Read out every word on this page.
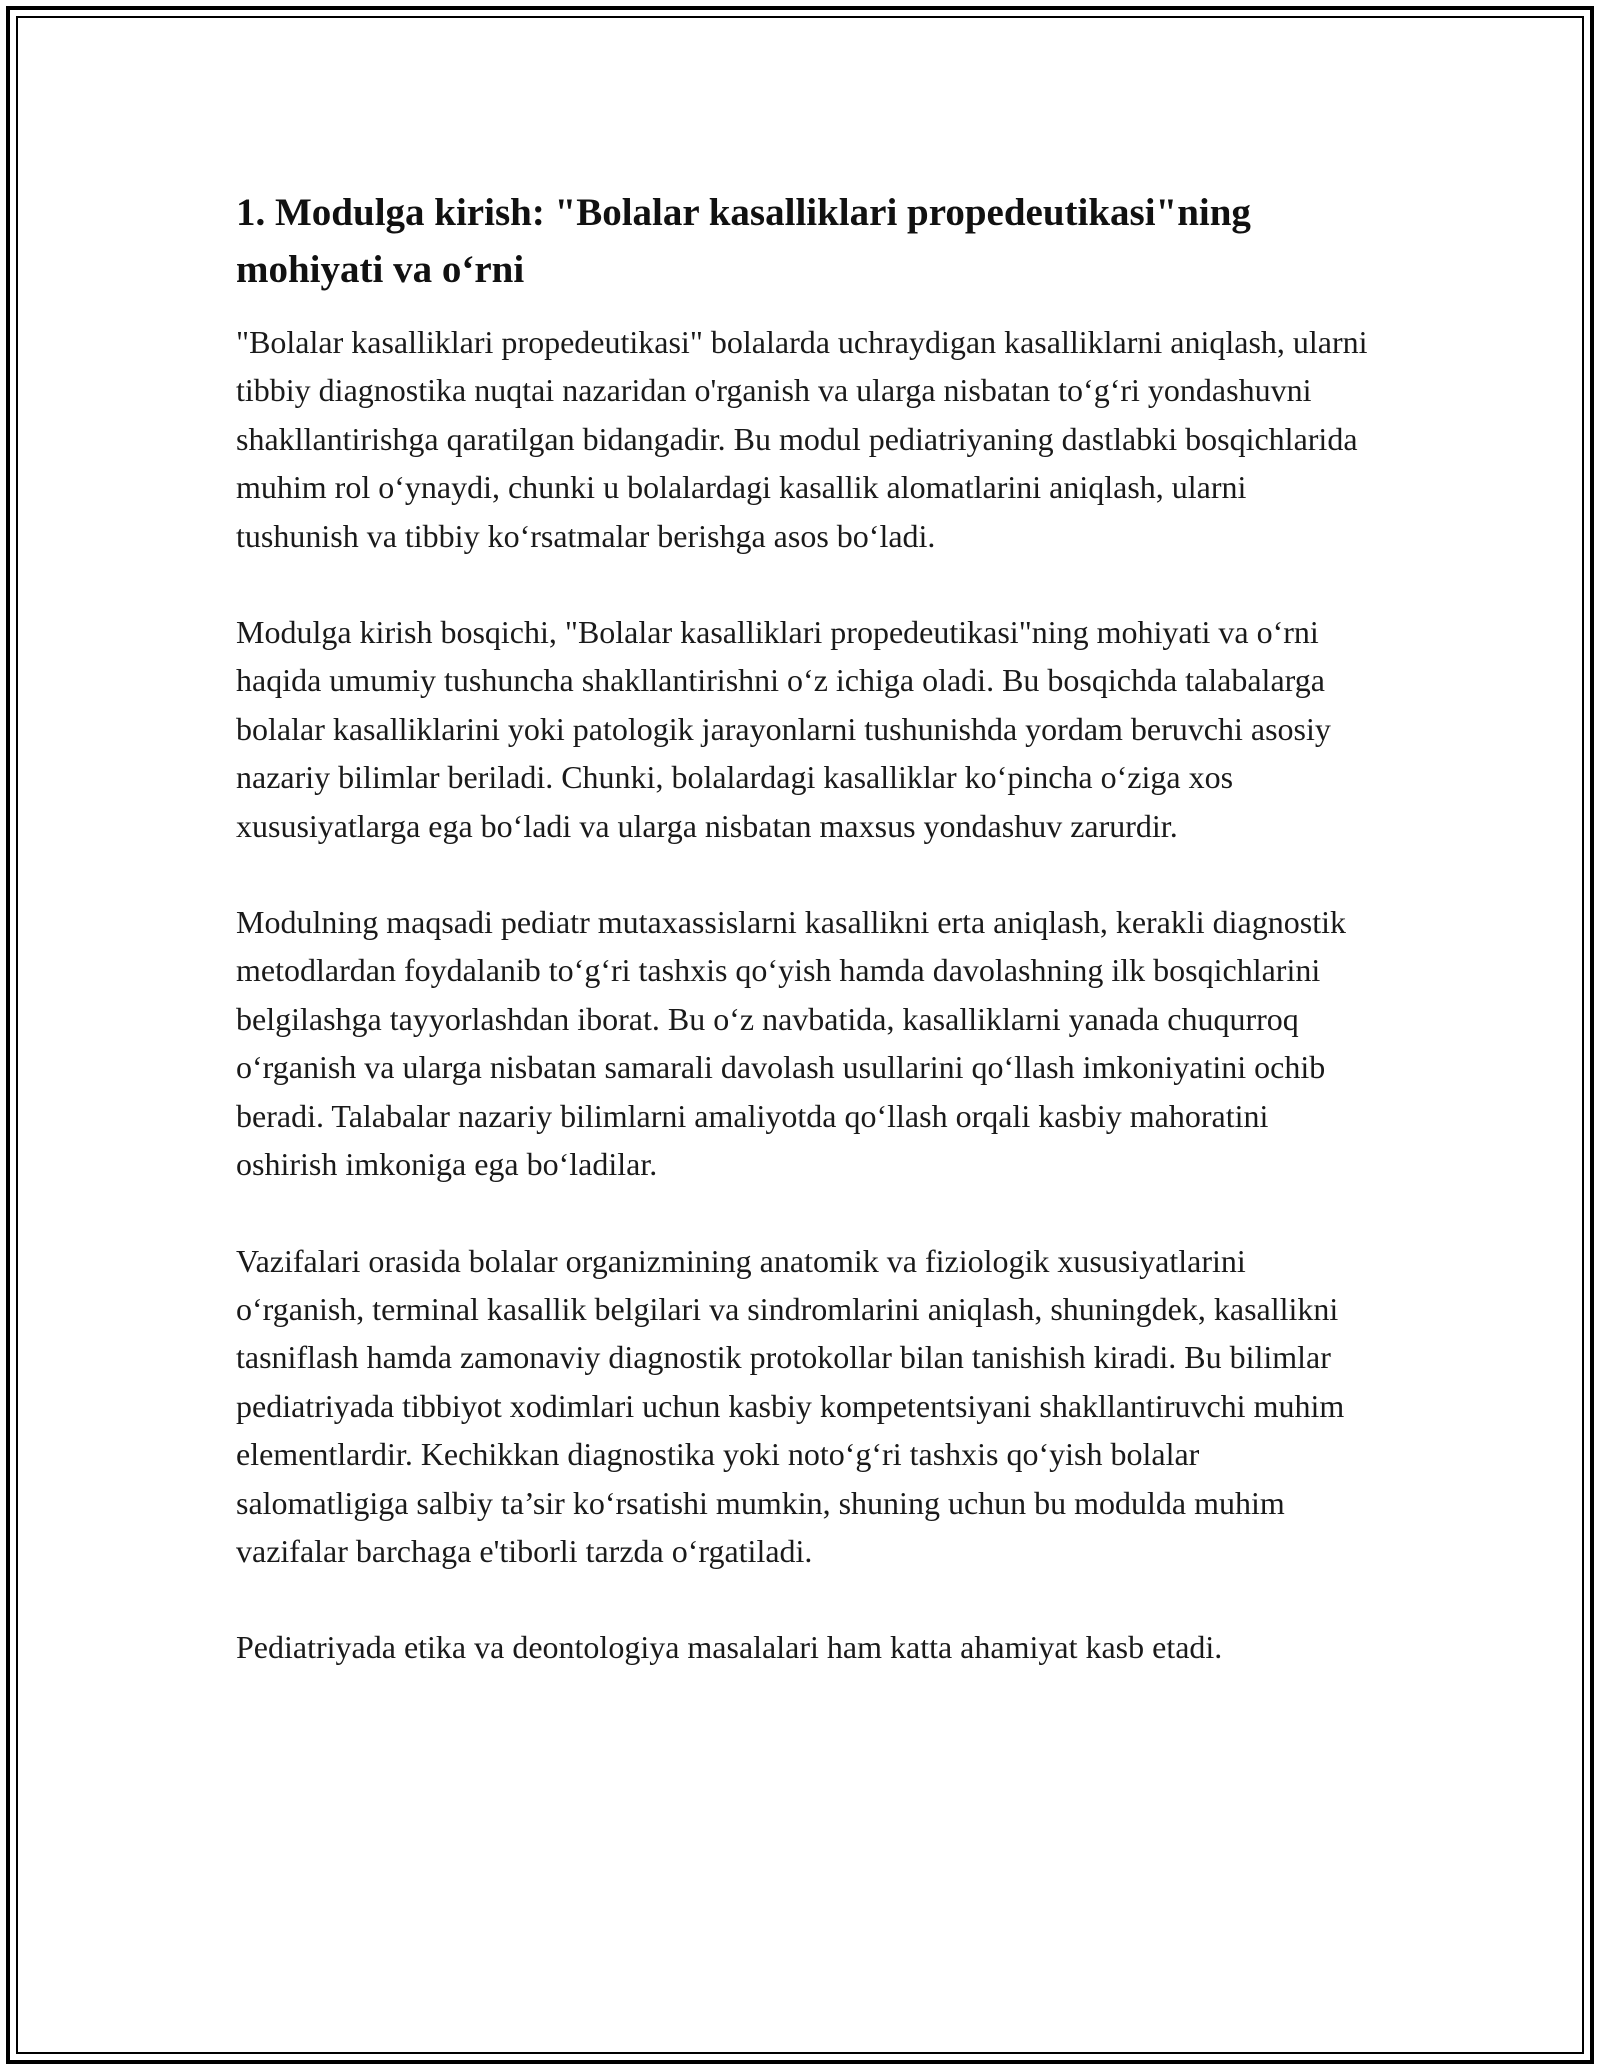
1. Modulga kirish: "Bolalar kasalliklari propedeutikasi"ning mohiyati va o‘rni

"Bolalar kasalliklari propedeutikasi" bolalarda uchraydigan kasalliklarni aniqlash, ularni tibbiy diagnostika nuqtai nazaridan o'rganish va ularga nisbatan to‘g‘ri yondashuvni shakllantirishga qaratilgan bidangadir. Bu modul pediatriyaning dastlabki bosqichlarida muhim rol o‘ynaydi, chunki u bolalardagi kasallik alomatlarini aniqlash, ularni tushunish va tibbiy ko‘rsatmalar berishga asos bo‘ladi.

Modulga kirish bosqichi, "Bolalar kasalliklari propedeutikasi"ning mohiyati va o‘rni haqida umumiy tushuncha shakllantirishni o‘z ichiga oladi. Bu bosqichda talabalarga bolalar kasalliklarini yoki patologik jarayonlarni tushunishda yordam beruvchi asosiy nazariy bilimlar beriladi. Chunki, bolalardagi kasalliklar ko‘pincha o‘ziga xos xususiyatlarga ega bo‘ladi va ularga nisbatan maxsus yondashuv zarurdir.

Modulning maqsadi pediatr mutaxassislarni kasallikni erta aniqlash, kerakli diagnostik metodlardan foydalanib to‘g‘ri tashxis qo‘yish hamda davolashning ilk bosqichlarini belgilashga tayyorlashdan iborat. Bu o‘z navbatida, kasalliklarni yanada chuqurroq o‘rganish va ularga nisbatan samarali davolash usullarini qo‘llash imkoniyatini ochib beradi. Talabalar nazariy bilimlarni amaliyotda qo‘llash orqali kasbiy mahoratini oshirish imkoniga ega bo‘ladilar.

Vazifalari orasida bolalar organizmining anatomik va fiziologik xususiyatlarini o‘rganish, terminal kasallik belgilari va sindromlarini aniqlash, shuningdek, kasallikni tasniflash hamda zamonaviy diagnostik protokollar bilan tanishish kiradi. Bu bilimlar pediatriyada tibbiyot xodimlari uchun kasbiy kompetentsiyani shakllantiruvchi muhim elementlardir. Kechikkan diagnostika yoki noto‘g‘ri tashxis qo‘yish bolalar salomatligiga salbiy ta’sir ko‘rsatishi mumkin, shuning uchun bu modulda muhim vazifalar barchaga e'tiborli tarzda o‘rgatiladi.

Pediatriyada etika va deontologiya masalalari ham katta ahamiyat kasb etadi.
